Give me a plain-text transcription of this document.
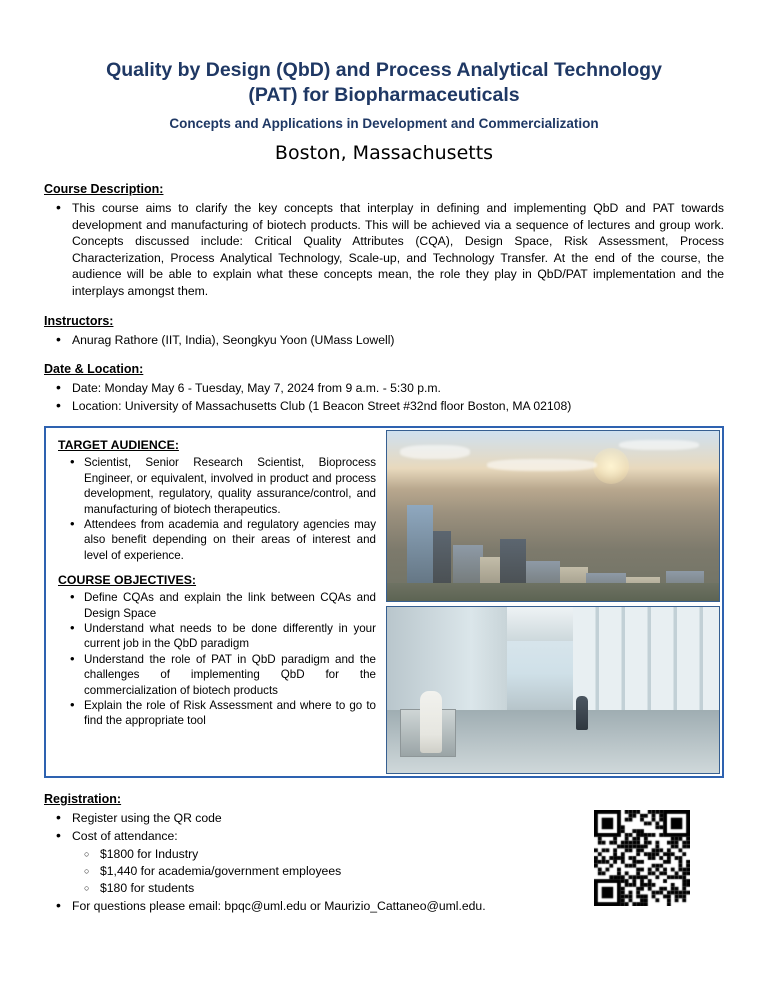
Quality by Design (QbD) and Process Analytical Technology
(PAT) for Biopharmaceuticals
Concepts and Applications in Development and Commercialization
Boston, Massachusetts
Course Description:
• This course aims to clarify the key concepts that interplay in defining and implementing QbD and PAT towards development and manufacturing of biotech products. This will be achieved via a sequence of lectures and group work. Concepts discussed include: Critical Quality Attributes (CQA), Design Space, Risk Assessment, Process Characterization, Process Analytical Technology, Scale-up, and Technology Transfer. At the end of the course, the audience will be able to explain what these concepts mean, the role they play in QbD/PAT implementation and the interplays amongst them.
Instructors:
• Anurag Rathore (IIT, India), Seongkyu Yoon (UMass Lowell)
Date & Location:
• Date: Monday May 6 - Tuesday, May 7, 2024 from 9 a.m. - 5:30 p.m.
• Location: University of Massachusetts Club (1 Beacon Street #32nd floor Boston, MA 02108)
TARGET AUDIENCE:
• Scientist, Senior Research Scientist, Bioprocess Engineer, or equivalent, involved in product and process development, regulatory, quality assurance/control, and manufacturing of biotech therapeutics.
• Attendees from academia and regulatory agencies may also benefit depending on their areas of interest and level of experience.
COURSE OBJECTIVES:
• Define CQAs and explain the link between CQAs and Design Space
• Understand what needs to be done differently in your current job in the QbD paradigm
• Understand the role of PAT in QbD paradigm and the challenges of implementing QbD for the commercialization of biotech products
• Explain the role of Risk Assessment and where to go to find the appropriate tool
Registration:
• Register using the QR code
• Cost of attendance:
○ $1800 for Industry
○ $1,440 for academia/government employees
○ $180 for students
• For questions please email: bpqc@uml.edu or Maurizio_Cattaneo@uml.edu.
